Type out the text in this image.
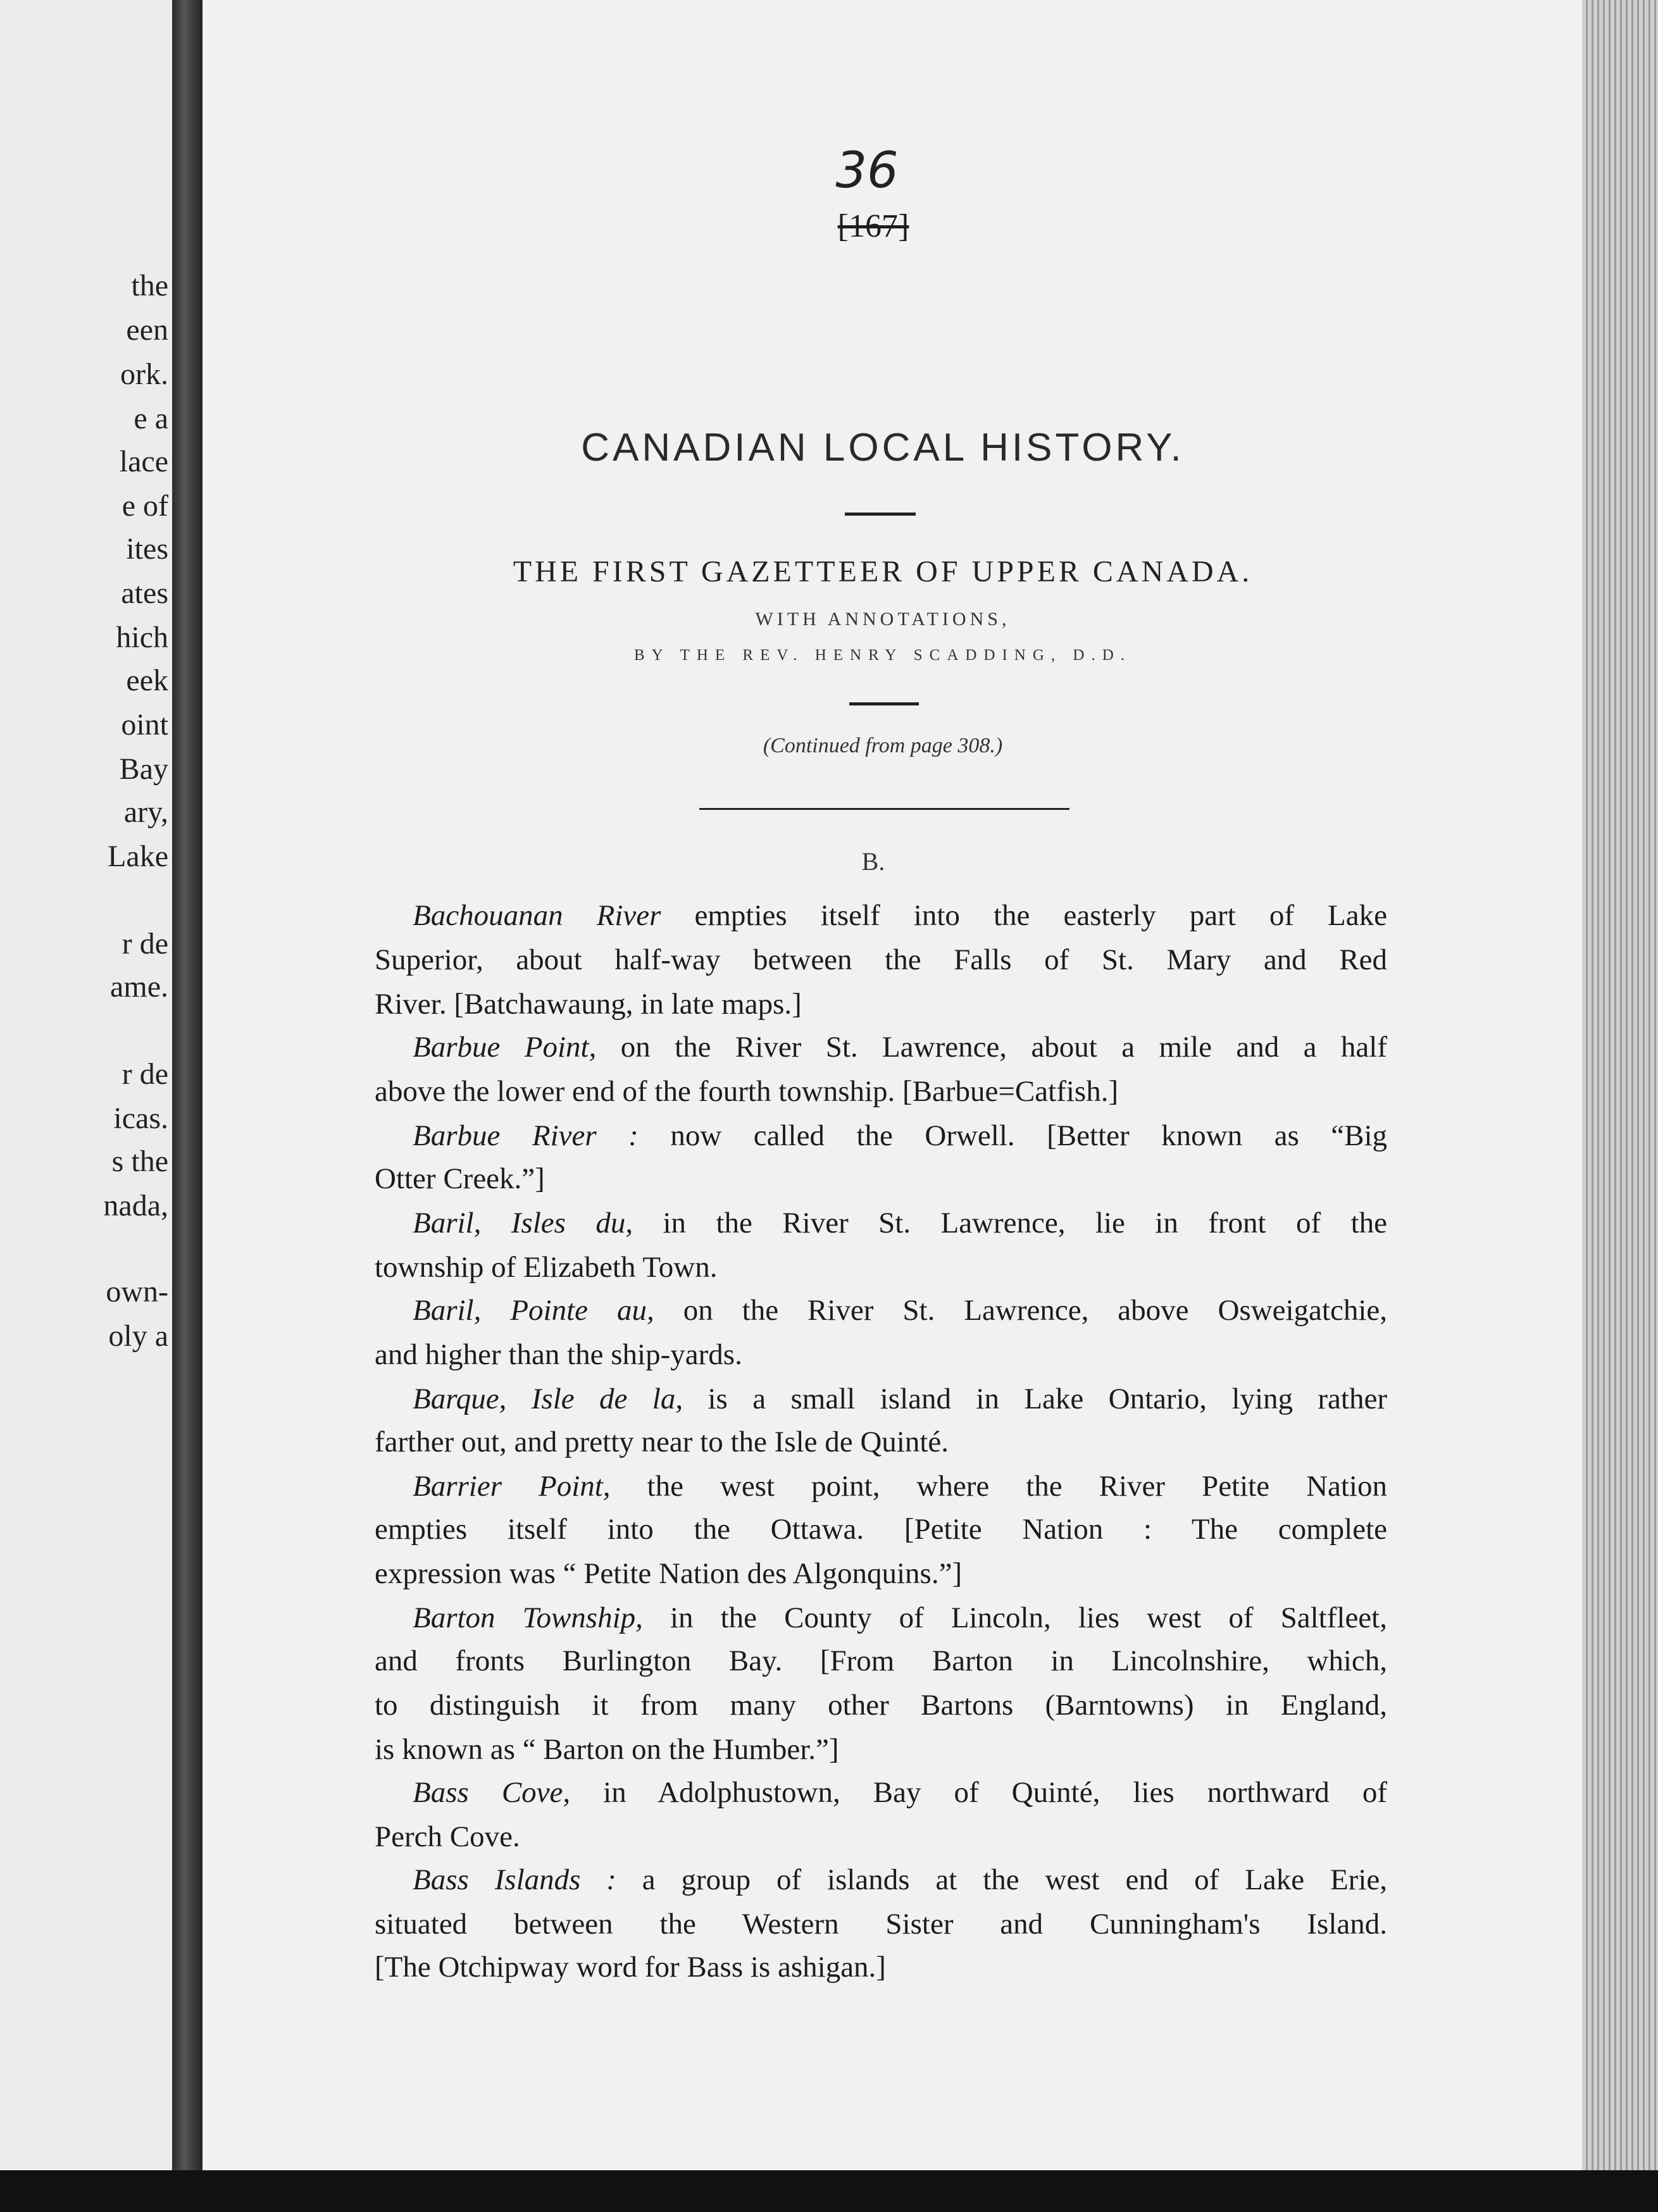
the
een
ork.
e a
lace
e of
ites
ates
hich
eek
oint
Bay
ary,
Lake
r de
ame.
r de
icas.
s the
nada,
own-
oly a
36
[167]
CANADIAN LOCAL HISTORY.
THE FIRST GAZETTEER OF UPPER CANADA.
WITH ANNOTATIONS,
BY THE REV. HENRY SCADDING, D.D.
(Continued from page 308.)
B.
Bachouanan River empties itself into the easterly part of Lake
Superior, about half-way between the Falls of St. Mary and Red
River. [Batchawaung, in late maps.]
Barbue Point, on the River St. Lawrence, about a mile and a half
above the lower end of the fourth township. [Barbue=Catfish.]
Barbue River : now called the Orwell. [Better known as “Big
Otter Creek.”]
Baril, Isles du, in the River St. Lawrence, lie in front of the
township of Elizabeth Town.
Baril, Pointe au, on the River St. Lawrence, above Osweigatchie,
and higher than the ship-yards.
Barque, Isle de la, is a small island in Lake Ontario, lying rather
farther out, and pretty near to the Isle de Quinté.
Barrier Point, the west point, where the River Petite Nation
empties itself into the Ottawa. [Petite Nation : The complete
expression was “ Petite Nation des Algonquins.”]
Barton Township, in the County of Lincoln, lies west of Saltfleet,
and fronts Burlington Bay. [From Barton in Lincolnshire, which,
to distinguish it from many other Bartons (Barntowns) in England,
is known as “ Barton on the Humber.”]
Bass Cove, in Adolphustown, Bay of Quinté, lies northward of
Perch Cove.
Bass Islands : a group of islands at the west end of Lake Erie,
situated between the Western Sister and Cunningham's Island.
[The Otchipway word for Bass is ashigan.]
